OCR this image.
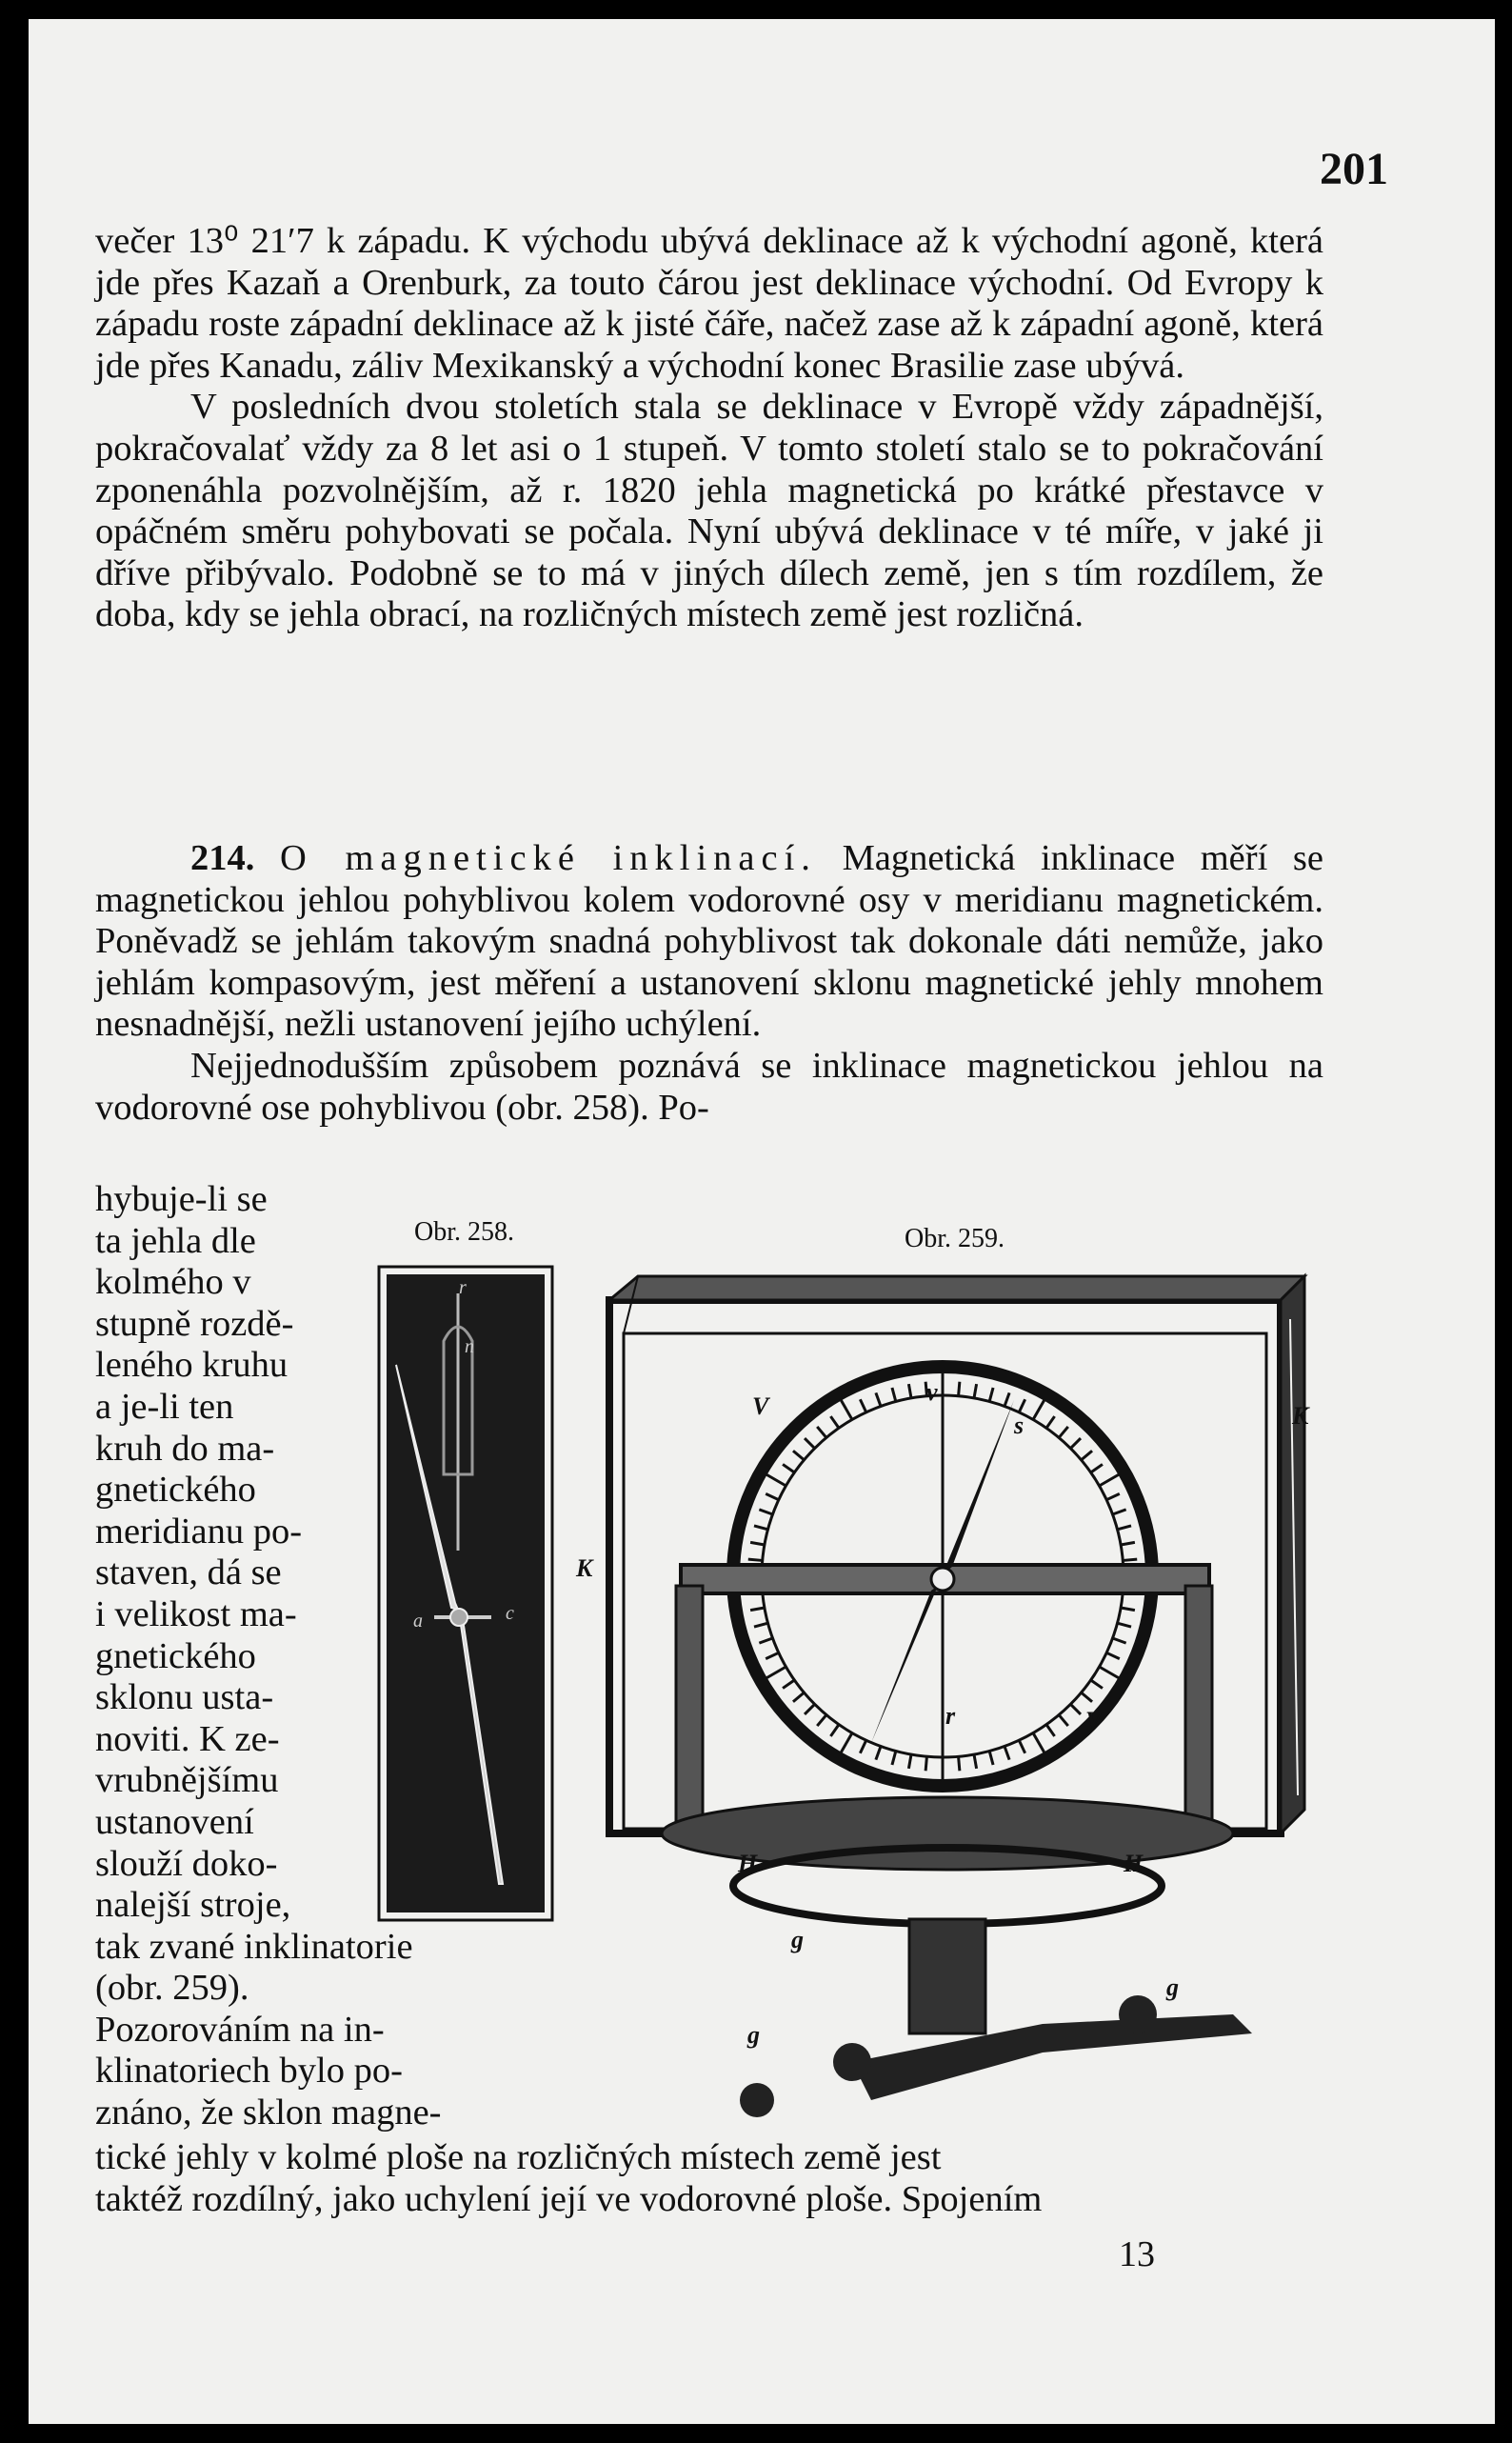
201

večer 13⁰ 21′7 k západu. K východu ubývá deklinace až k východní agoně, která jde přes Kazaň a Orenburk, za touto čárou jest deklinace východní. Od Evropy k západu roste západní deklinace až k jisté čáře, načež zase až k západní agoně, která jde přes Kanadu, záliv Mexikanský a východní konec Brasilie zase ubývá.

V posledních dvou stoletích stala se deklinace v Evropě vždy západnější, pokračovalať vždy za 8 let asi o 1 stupeň. V tomto století stalo se to pokračování zponenáhla pozvolnějším, až r. 1820 jehla magnetická po krátké přestavce v opáčném směru pohybovati se počala. Nyní ubývá deklinace v té míře, v jaké ji dříve přibývalo. Podobně se to má v jiných dílech země, jen s tím rozdílem, že doba, kdy se jehla obrací, na rozličných místech země jest rozličná.

214. O magnetické inklinací. Magnetická inklinace měří se magnetickou jehlou pohyblivou kolem vodorovné osy v meridianu magnetickém. Poněvadž se jehlám takovým snadná pohyblivost tak dokonale dáti nemůže, jako jehlám kompasovým, jest měření a ustanovení sklonu magnetické jehly mnohem nesnadnější, nežli ustanovení jejího uchýlení.

Nejjednodušším způsobem poznává se inklinace magnetickou jehlou na vodorovné ose pohyblivou (obr. 258). Po-

hybuje-li se

ta jehla dle

kolmého v

stupně rozdě-

leného kruhu

a je-li ten

kruh do ma-

gnetického

meridianu po-

staven, dá se

i velikost ma-

gnetického

sklonu usta-

noviti. K ze-

vrubnějšímu

ustanovení

slouží doko-

nalejší stroje,

tak zvané inklinatorie

(obr. 259).

Pozorováním na in-

klinatoriech bylo po-

znáno, že sklon magne-

tické jehly v kolmé ploše na rozličných místech země jest

taktéž rozdílný, jako uchylení její ve vodorovné ploše. Spojením

13
Obr. 258.	Obr. 259.
r
n
c
a
K
K
V
V
v
s
r
H	H
g
g
g
